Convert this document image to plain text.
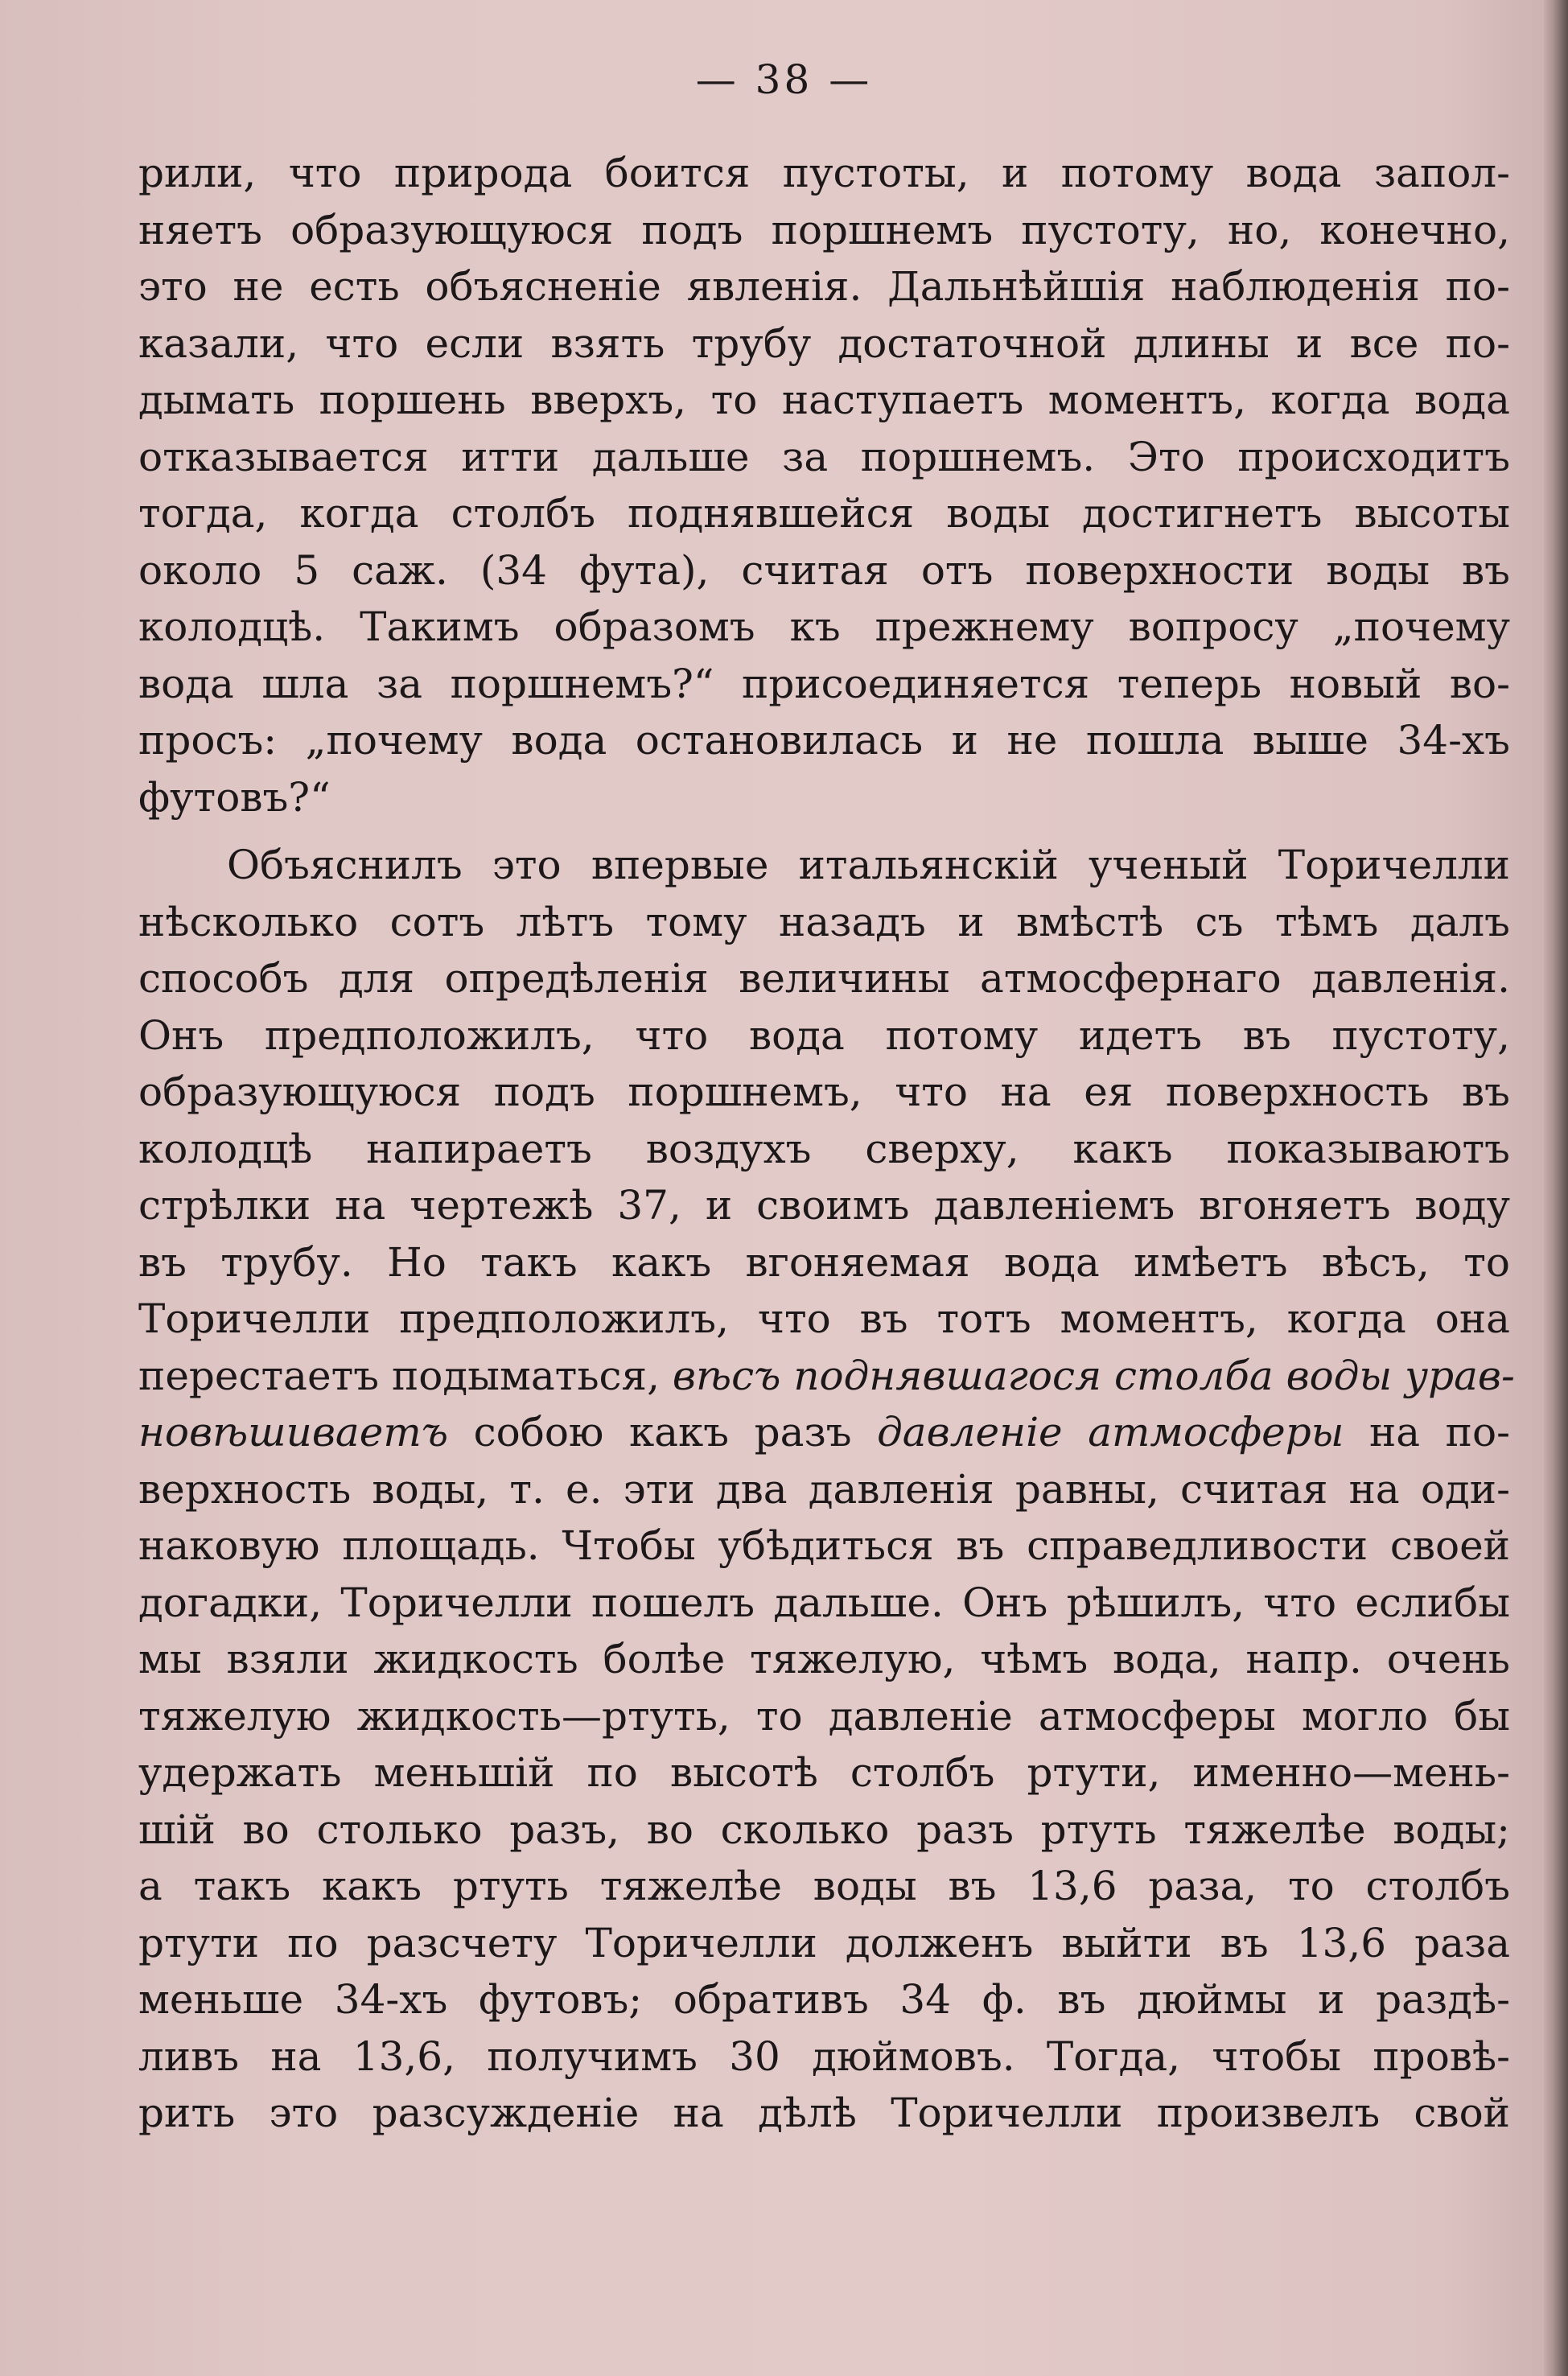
— 38 —
рили, что природа боится пустоты, и потому вода запол-
няетъ образующуюся подъ поршнемъ пустоту, но, конечно,
это не есть объясненіе явленія. Дальнѣйшія наблюденія по-
казали, что если взять трубу достаточной длины и все по-
дымать поршень вверхъ, то наступаетъ моментъ, когда вода
отказывается итти дальше за поршнемъ. Это происходитъ
тогда, когда столбъ поднявшейся воды достигнетъ высоты
около 5 саж. (34 фута), считая отъ поверхности воды въ
колодцѣ. Такимъ образомъ къ прежнему вопросу „почему
вода шла за поршнемъ?“ присоединяется теперь новый во-
просъ: „почему вода остановилась и не пошла выше 34-хъ
футовъ?“
Объяснилъ это впервые итальянскій ученый Торичелли
нѣсколько сотъ лѣтъ тому назадъ и вмѣстѣ съ тѣмъ далъ
способъ для опредѣленія величины атмосфернаго давленія.
Онъ предположилъ, что вода потому идетъ въ пустоту,
образующуюся подъ поршнемъ, что на ея поверхность въ
колодцѣ напираетъ воздухъ сверху, какъ показываютъ
стрѣлки на чертежѣ 37, и своимъ давленіемъ вгоняетъ воду
въ трубу. Но такъ какъ вгоняемая вода имѣетъ вѣсъ, то
Торичелли предположилъ, что въ тотъ моментъ, когда она
перестаетъ подыматься, вѣсъ поднявшагося столба воды урав-
новѣшиваетъ собою какъ разъ давленіе атмосферы на по-
верхность воды, т. е. эти два давленія равны, считая на оди-
наковую площадь. Чтобы убѣдиться въ справедливости своей
догадки, Торичелли пошелъ дальше. Онъ рѣшилъ, что еслибы
мы взяли жидкость болѣе тяжелую, чѣмъ вода, напр. очень
тяжелую жидкость—ртуть, то давленіе атмосферы могло бы
удержать меньшій по высотѣ столбъ ртути, именно—мень-
шій во столько разъ, во сколько разъ ртуть тяжелѣе воды;
а такъ какъ ртуть тяжелѣе воды въ 13,6 раза, то столбъ
ртути по разсчету Торичелли долженъ выйти въ 13,6 раза
меньше 34-хъ футовъ; обративъ 34 ф. въ дюймы и раздѣ-
ливъ на 13,6, получимъ 30 дюймовъ. Тогда, чтобы провѣ-
рить это разсужденіе на дѣлѣ Торичелли произвелъ свой
